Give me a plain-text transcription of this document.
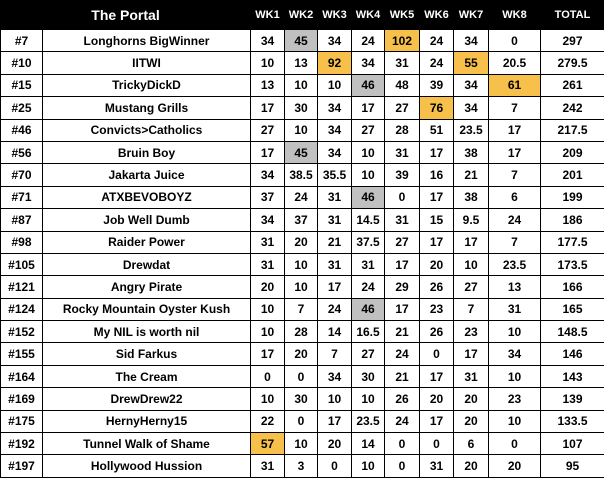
The Portal		WK1	WK2	WK3	WK4	WK5	WK6	WK7	WK8	TOTAL
#7	Longhorns BigWinner	34	45	34	24	102	24	34	0	297
#10	IITWI	10	13	92	34	31	24	55	20.5	279.5
#15	TrickyDickD	13	10	10	46	48	39	34	61	261
#25	Mustang Grills	17	30	34	17	27	76	34	7	242
#46	Convicts>Catholics	27	10	34	27	28	51	23.5	17	217.5
#56	Bruin Boy	17	45	34	10	31	17	38	17	209
#70	Jakarta Juice	34	38.5	35.5	10	39	16	21	7	201
#71	ATXBEVOBOYZ	37	24	31	46	0	17	38	6	199
#87	Job Well Dumb	34	37	31	14.5	31	15	9.5	24	186
#98	Raider Power	31	20	21	37.5	27	17	17	7	177.5
#105	Drewdat	31	10	31	31	17	20	10	23.5	173.5
#121	Angry Pirate	20	10	17	24	29	26	27	13	166
#124	Rocky Mountain Oyster Kush	10	7	24	46	17	23	7	31	165
#152	My NIL is worth nil	10	28	14	16.5	21	26	23	10	148.5
#155	Sid Farkus	17	20	7	27	24	0	17	34	146
#164	The Cream	0	0	34	30	21	17	31	10	143
#169	DrewDrew22	10	30	10	10	26	20	20	23	139
#175	HernyHerny15	22	0	17	23.5	24	17	20	10	133.5
#192	Tunnel Walk of Shame	57	10	20	14	0	0	6	0	107
#197	Hollywood Hussion	31	3	0	10	0	31	20	20	95
